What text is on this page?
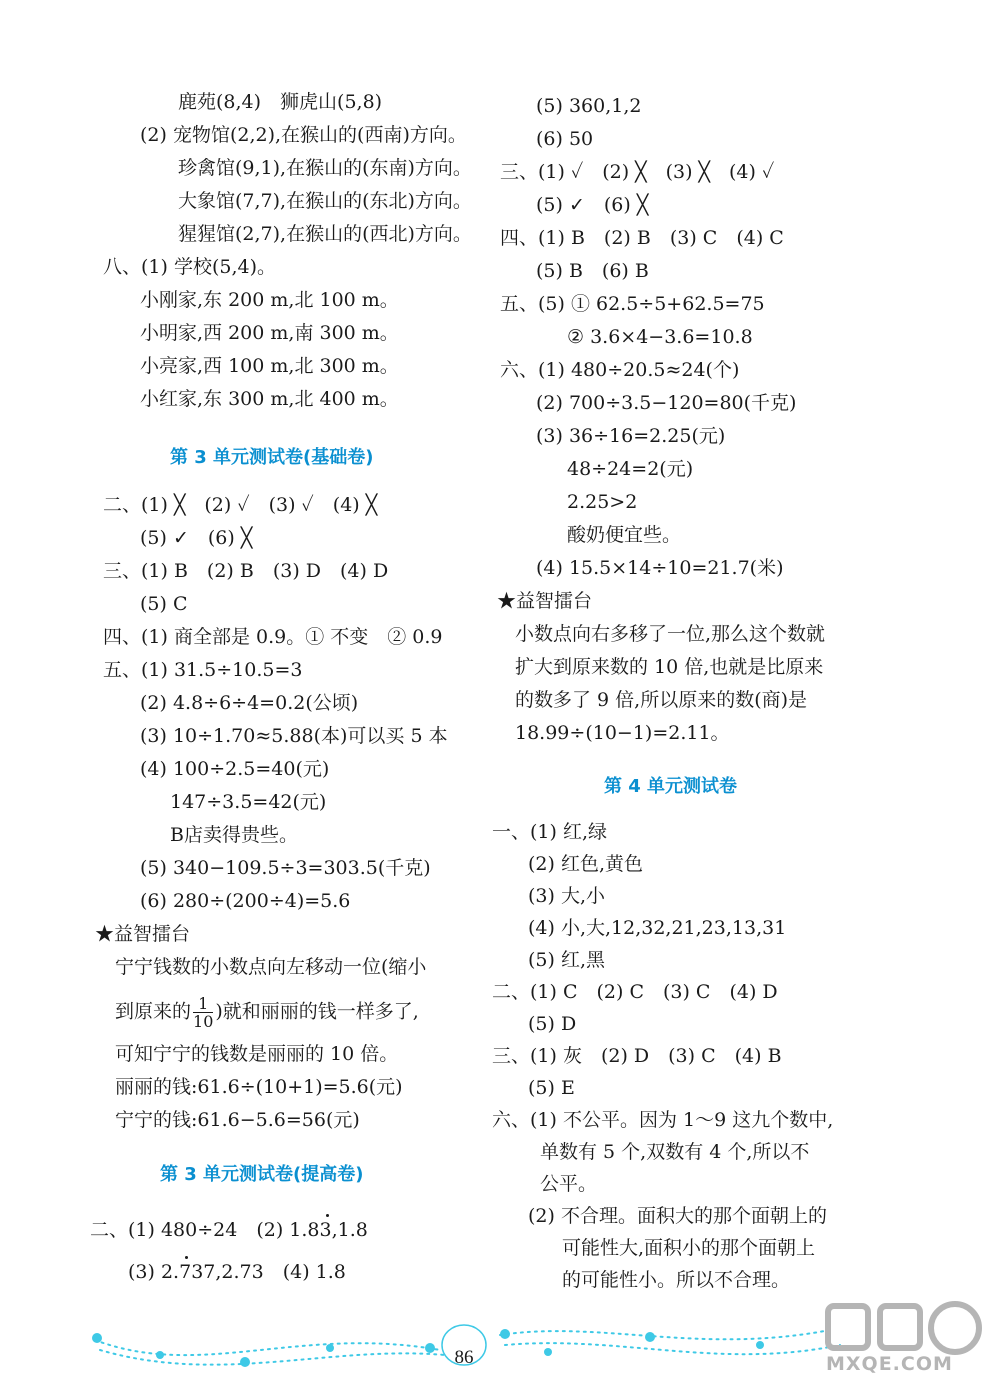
鹿苑(8,4)　狮虎山(5,8)
(2) 宠物馆(2,2),在猴山的(西南)方向。
珍禽馆(9,1),在猴山的(东南)方向。
大象馆(7,7),在猴山的(东北)方向。
猩猩馆(2,7),在猴山的(西北)方向。
八、(1) 学校(5,4)。
小刚家,东 200 m,北 100 m。
小明家,西 200 m,南 300 m。
小亮家,西 100 m,北 300 m。
小红家,东 300 m,北 400 m。
第 3 单元测试卷(基础卷)
二、(1) ╳　(2) ✓　(3) ✓　(4) ╳
(5) ✓　(6) ╳
三、(1) B　(2) B　(3) D　(4) D
(5) C
四、(1) 商全部是 0.9。① 不变　② 0.9
五、(1) 31.5÷10.5=3
(2) 4.8÷6÷4=0.2(公顷)
(3) 10÷1.70≈5.88(本)可以买 5 本
(4) 100÷2.5=40(元)
147÷3.5=42(元)
B店卖得贵些。
(5) 340−109.5÷3=303.5(千克)
(6) 280÷(200÷4)=5.6
★益智擂台
宁宁钱数的小数点向左移动一位(缩小
到原来的 $\frac{1}{10}$ )就和丽丽的钱一样多了,
可知宁宁的钱数是丽丽的 10 倍。
丽丽的钱:61.6÷(10+1)=5.6(元)
宁宁的钱:61.6−5.6=56(元)
第 3 单元测试卷(提高卷)
二、(1) 480÷24　(2) 1.83,1.8
(3) 2.737,2.73　(4) 1.8
(5) 360,1,2
(6) 50
三、(1) ✓　(2) ╳　(3) ╳　(4) ✓
(5) ✓　(6) ╳
四、(1) B　(2) B　(3) C　(4) C
(5) B　(6) B
五、(5) ① 62.5÷5+62.5=75
② 3.6×4−3.6=10.8
六、(1) 480÷20.5≈24(个)
(2) 700÷3.5−120=80(千克)
(3) 36÷16=2.25(元)
48÷24=2(元)
2.25>2
酸奶便宜些。
(4) 15.5×14÷10=21.7(米)
★益智擂台
小数点向右多移了一位,那么这个数就
扩大到原来数的 10 倍,也就是比原来
的数多了 9 倍,所以原来的数(商)是
18.99÷(10−1)=2.11。
第 4 单元测试卷
一、(1) 红,绿
(2) 红色,黄色
(3) 大,小
(4) 小,大,12,32,21,23,13,31
(5) 红,黑
二、(1) C　(2) C　(3) C　(4) D
(5) D
三、(1) 灰　(2) D　(3) C　(4) B
(5) E
六、(1) 不公平。因为 1～9 这九个数中,
单数有 5 个,双数有 4 个,所以不
公平。
(2) 不合理。面积大的那个面朝上的
可能性大,面积小的那个面朝上
的可能性小。所以不合理。
86	MXQE.COM
